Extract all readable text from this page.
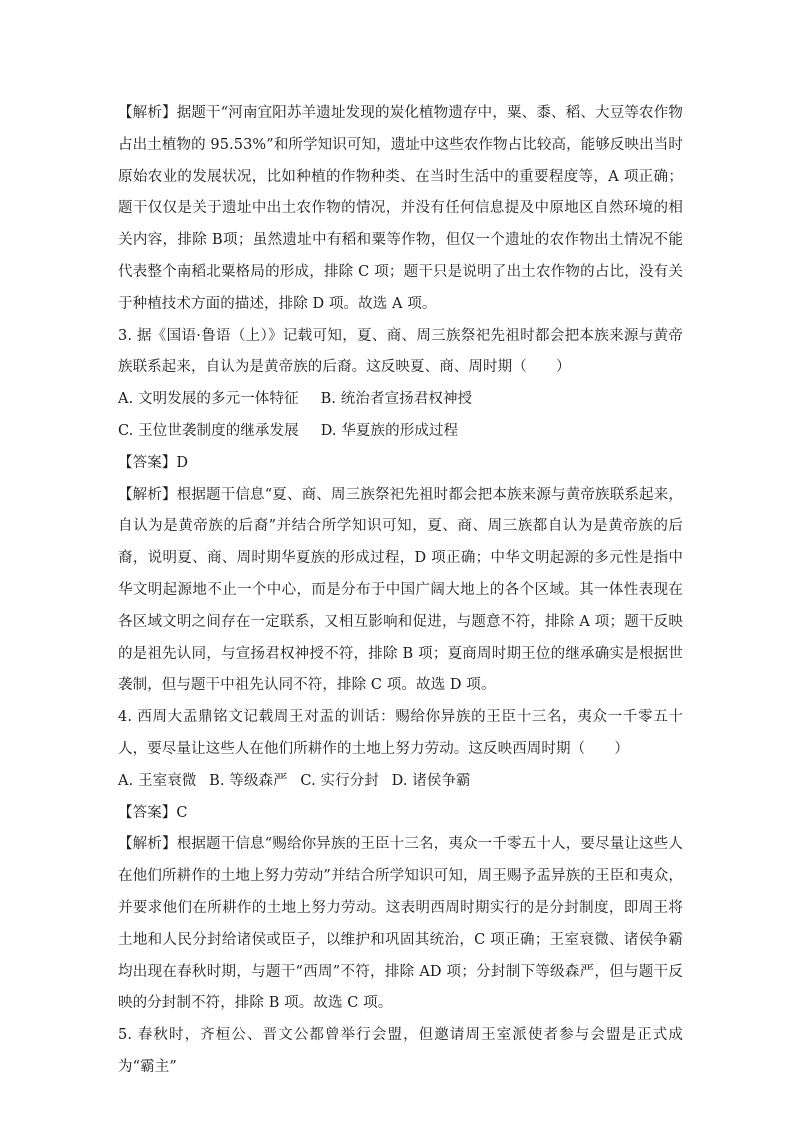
【解析】据题干“河南宜阳苏羊遗址发现的炭化植物遗存中，粟、黍、稻、大豆等农作物占出土植物的 95.53%”和所学知识可知，遗址中这些农作物占比较高，能够反映出当时原始农业的发展状况，比如种植的作物种类、在当时生活中的重要程度等，A 项正确；题干仅仅是关于遗址中出土农作物的情况，并没有任何信息提及中原地区自然环境的相关内容，排除 B项；虽然遗址中有稻和粟等作物，但仅一个遗址的农作物出土情况不能代表整个南稻北粟格局的形成，排除 C 项；题干只是说明了出土农作物的占比，没有关于种植技术方面的描述，排除 D 项。故选 A 项。

3. 据《国语·鲁语（上）》记载可知，夏、商、周三族祭祀先祖时都会把本族来源与黄帝族联系起来，自认为是黄帝族的后裔。这反映夏、商、周时期（　　）

A. 文明发展的多元一体特征 B. 统治者宣扬君权神授
C. 王位世袭制度的继承发展 D. 华夏族的形成过程

【答案】D

【解析】根据题干信息“夏、商、周三族祭祀先祖时都会把本族来源与黄帝族联系起来，自认为是黄帝族的后裔”并结合所学知识可知，夏、商、周三族都自认为是黄帝族的后裔，说明夏、商、周时期华夏族的形成过程，D 项正确；中华文明起源的多元性是指中华文明起源地不止一个中心，而是分布于中国广阔大地上的各个区域。其一体性表现在各区域文明之间存在一定联系，又相互影响和促进，与题意不符，排除 A 项；题干反映的是祖先认同，与宣扬君权神授不符，排除 B 项；夏商周时期王位的继承确实是根据世袭制，但与题干中祖先认同不符，排除 C 项。故选 D 项。

4. 西周大盂鼎铭文记载周王对盂的训话：赐给你异族的王臣十三名，夷众一千零五十人，要尽量让这些人在他们所耕作的土地上努力劳动。这反映西周时期（　　）

A. 王室衰微 B. 等级森严 C. 实行分封 D. 诸侯争霸

【答案】C

【解析】根据题干信息“赐给你异族的王臣十三名，夷众一千零五十人，要尽量让这些人在他们所耕作的土地上努力劳动”并结合所学知识可知，周王赐予盂异族的王臣和夷众，并要求他们在所耕作的土地上努力劳动。这表明西周时期实行的是分封制度，即周王将土地和人民分封给诸侯或臣子，以维护和巩固其统治，C 项正确；王室衰微、诸侯争霸均出现在春秋时期，与题干“西周”不符，排除 AD 项；分封制下等级森严，但与题干反映的分封制不符，排除 B 项。故选 C 项。

5. 春秋时，齐桓公、晋文公都曾举行会盟，但邀请周王室派使者参与会盟是正式成为“霸主”
